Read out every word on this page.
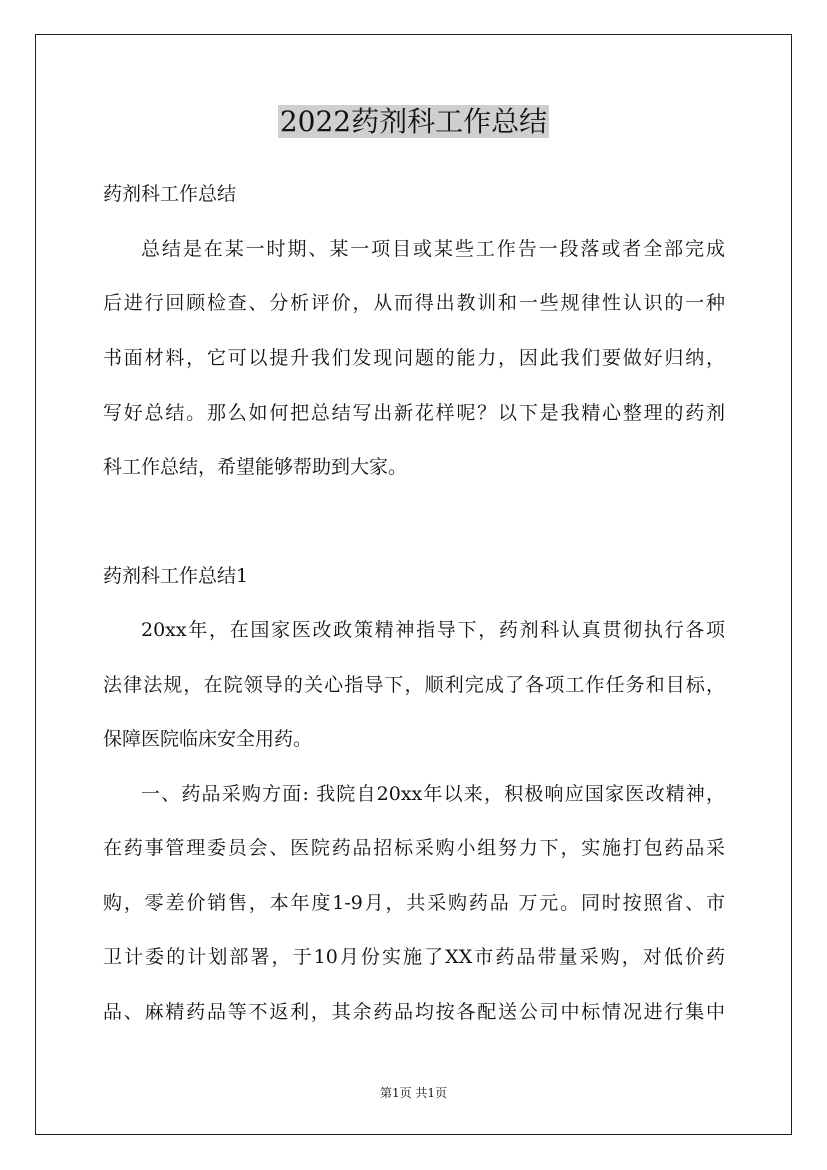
2022药剂科工作总结

药剂科工作总结

总结是在某一时期、某一项目或某些工作告一段落或者全部完成

后进行回顾检查、分析评价，从而得出教训和一些规律性认识的一种

书面材料，它可以提升我们发现问题的能力，因此我们要做好归纳，

写好总结。那么如何把总结写出新花样呢？以下是我精心整理的药剂

科工作总结，希望能够帮助到大家。

药剂科工作总结1

20xx年，在国家医改政策精神指导下，药剂科认真贯彻执行各项

法律法规，在院领导的关心指导下，顺利完成了各项工作任务和目标，

保障医院临床安全用药。

一、药品采购方面: 我院自20xx年以来，积极响应国家医改精神，

在药事管理委员会、医院药品招标采购小组努力下，实施打包药品采

购，零差价销售，本年度1-9月，共采购药品 万元。同时按照省、市

卫计委的计划部署，于10月份实施了XX市药品带量采购，对低价药

品、麻精药品等不返利，其余药品均按各配送公司中标情况进行集中

第1页 共1页
